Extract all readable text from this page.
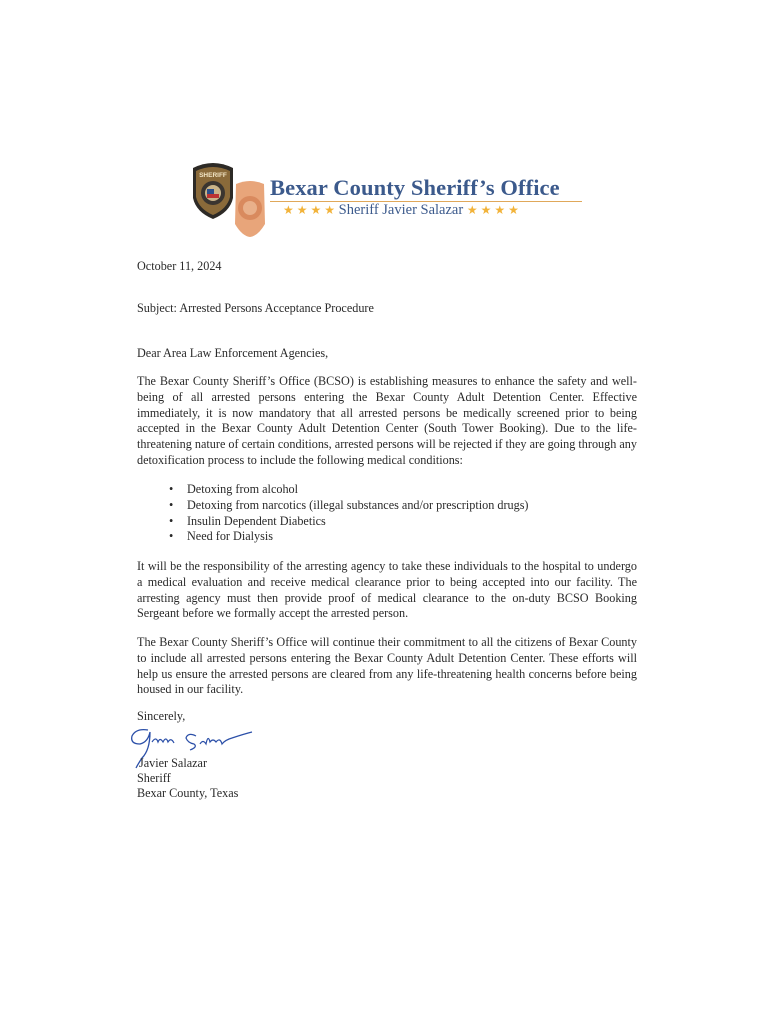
SHERIFF Bexar County Sheriff’s Office
★ ★ ★ ★ Sheriff Javier Salazar ★ ★ ★ ★
October 11, 2024
Subject: Arrested Persons Acceptance Procedure
Dear Area Law Enforcement Agencies,
The Bexar County Sheriff’s Office (BCSO) is establishing measures to enhance the safety and well-being of all arrested persons entering the Bexar County Adult Detention Center. Effective immediately, it is now mandatory that all arrested persons be medically screened prior to being accepted in the Bexar County Adult Detention Center (South Tower Booking). Due to the life-threatening nature of certain conditions, arrested persons will be rejected if they are going through any detoxification process to include the following medical conditions:
• Detoxing from alcohol
• Detoxing from narcotics (illegal substances and/or prescription drugs)
• Insulin Dependent Diabetics
• Need for Dialysis
It will be the responsibility of the arresting agency to take these individuals to the hospital to undergo a medical evaluation and receive medical clearance prior to being accepted into our facility. The arresting agency must then provide proof of medical clearance to the on-duty BCSO Booking Sergeant before we formally accept the arrested person.
The Bexar County Sheriff’s Office will continue their commitment to all the citizens of Bexar County to include all arrested persons entering the Bexar County Adult Detention Center. These efforts will help us ensure the arrested persons are cleared from any life-threatening health concerns before being housed in our facility.
Sincerely,
Javier Salazar
Sheriff
Bexar County, Texas
